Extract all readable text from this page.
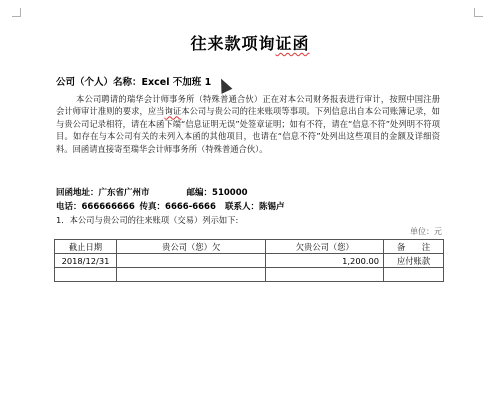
往来款项询证函
公司（个人）名称：Excel 不加班 1
本公司聘请的瑞华会计师事务所（特殊普通合伙）正在对本公司财务报表进行审计，按照中国注册会计师审计准则的要求，应当询证本公司与贵公司的往来账项等事项。下列信息出自本公司账簿记录，如与贵公司记录相符，请在本函下端“信息证明无误”处签章证明；如有不符，请在“信息不符”处列明不符项目。如存在与本公司有关的未列入本函的其他项目，也请在“信息不符”处列出这些项目的金额及详细资料。回函请直接寄至瑞华会计师事务所（特殊普通合伙）。
回函地址：广东省广州市	邮编：510000
电话：666666666 传真：6666-6666 联系人：陈锡卢
1．本公司与贵公司的往来账项（交易）列示如下:
单位：元
截止日期	贵公司（您）欠	欠贵公司（您）	备　　注
2018/12/31		1,200.00	应付账款
